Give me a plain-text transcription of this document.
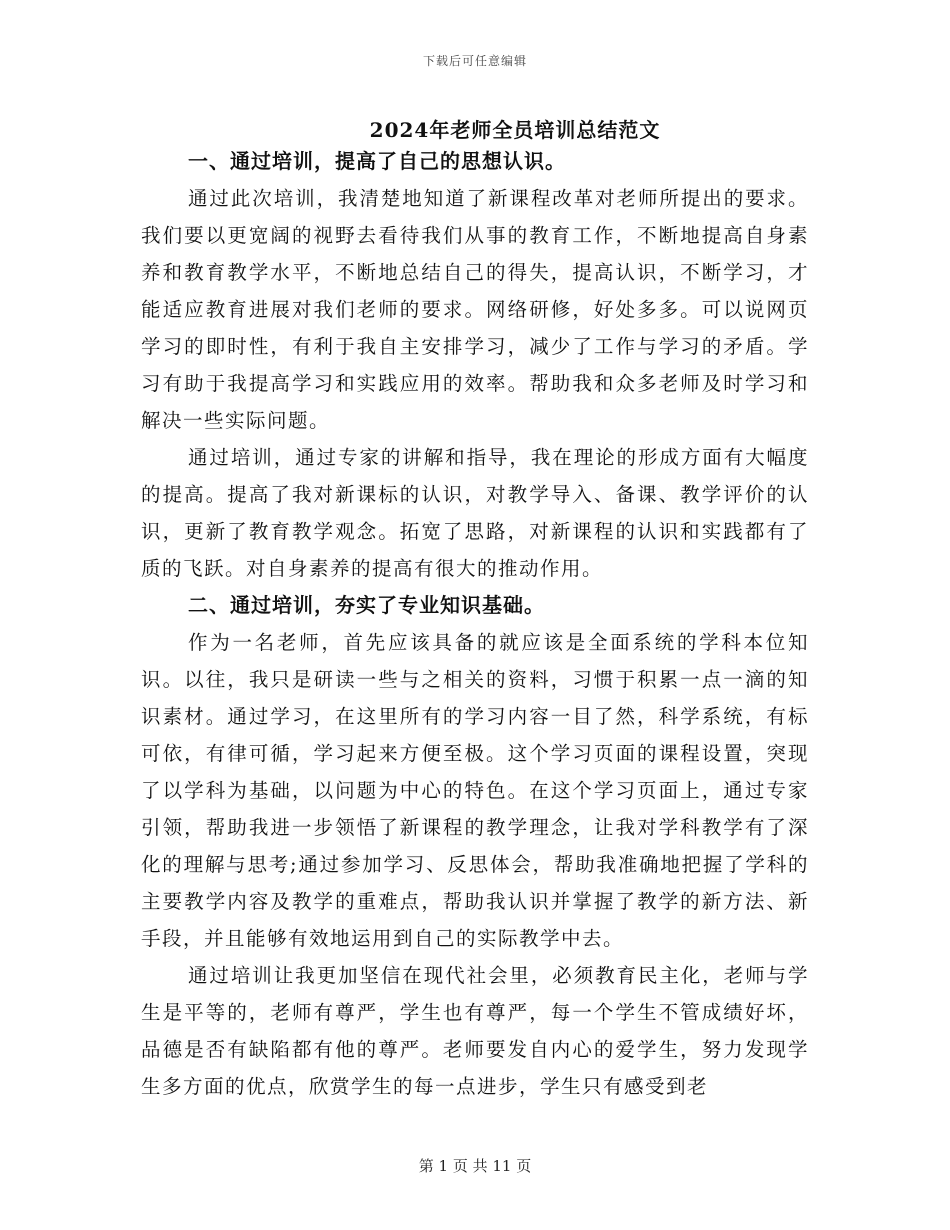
下载后可任意编辑
2024年老师全员培训总结范文

一、通过培训，提高了自己的思想认识。

通过此次培训，我清楚地知道了新课程改革对老师所提出的要求。我们要以更宽阔的视野去看待我们从事的教育工作，不断地提高自身素养和教育教学水平，不断地总结自己的得失，提高认识，不断学习，才能适应教育进展对我们老师的要求。网络研修，好处多多。可以说网页学习的即时性，有利于我自主安排学习，减少了工作与学习的矛盾。学习有助于我提高学习和实践应用的效率。帮助我和众多老师及时学习和解决一些实际问题。

通过培训，通过专家的讲解和指导，我在理论的形成方面有大幅度的提高。提高了我对新课标的认识，对教学导入、备课、教学评价的认识，更新了教育教学观念。拓宽了思路，对新课程的认识和实践都有了质的飞跃。对自身素养的提高有很大的推动作用。

二、通过培训，夯实了专业知识基础。

作为一名老师，首先应该具备的就应该是全面系统的学科本位知识。以往，我只是研读一些与之相关的资料，习惯于积累一点一滴的知识素材。通过学习，在这里所有的学习内容一目了然，科学系统，有标可依，有律可循，学习起来方便至极。这个学习页面的课程设置，突现了以学科为基础，以问题为中心的特色。在这个学习页面上，通过专家引领，帮助我进一步领悟了新课程的教学理念，让我对学科教学有了深化的理解与思考;通过参加学习、反思体会，帮助我准确地把握了学科的主要教学内容及教学的重难点，帮助我认识并掌握了教学的新方法、新手段，并且能够有效地运用到自己的实际教学中去。

通过培训让我更加坚信在现代社会里，必须教育民主化，老师与学生是平等的，老师有尊严，学生也有尊严，每一个学生不管成绩好坏，品德是否有缺陷都有他的尊严。老师要发自内心的爱学生，努力发现学生多方面的优点，欣赏学生的每一点进步，学生只有感受到老

第 1 页 共 11 页
